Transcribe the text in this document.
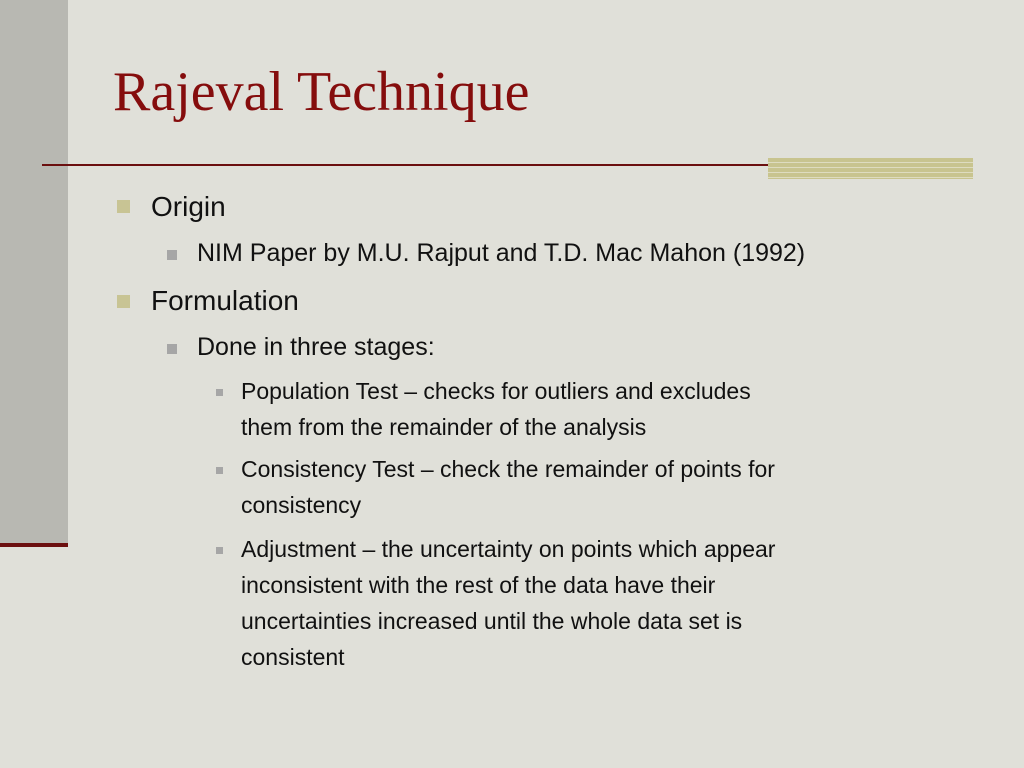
Rajeval Technique
Origin
NIM Paper by M.U. Rajput and T.D. Mac Mahon (1992)
Formulation
Done in three stages:
Population Test – checks for outliers and excludes
them from the remainder of the analysis
Consistency Test – check the remainder of points for
consistency
Adjustment – the uncertainty on points which appear
inconsistent with the rest of the data have their
uncertainties increased until the whole data set is
consistent
